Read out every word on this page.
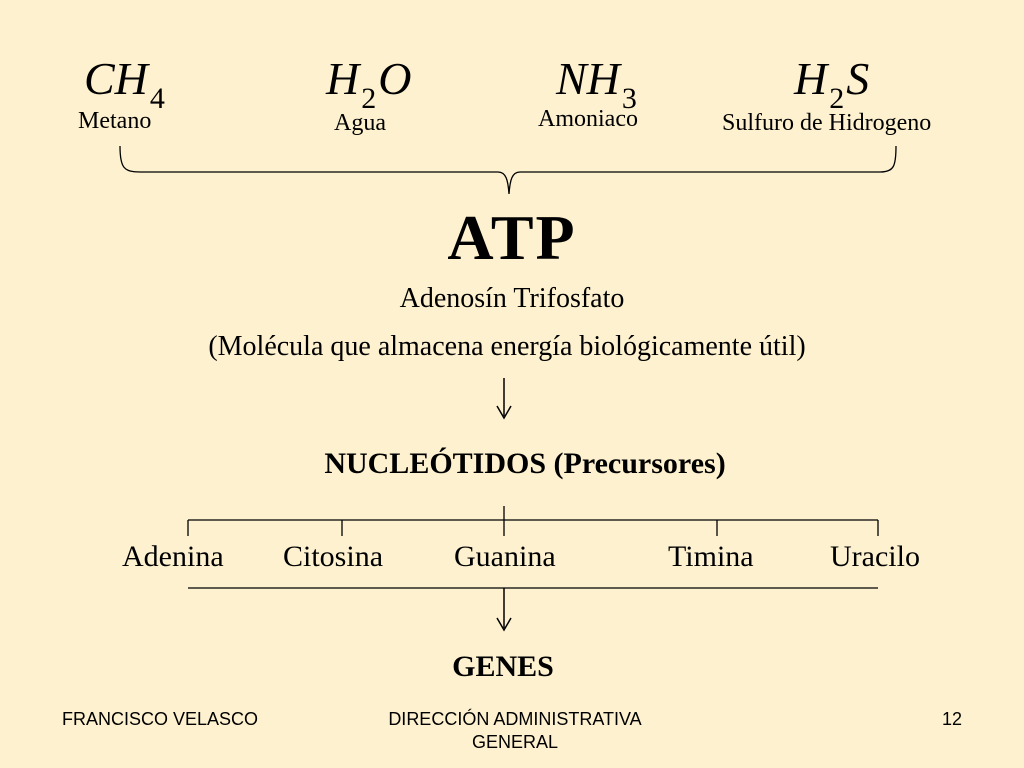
$CH_4$
Metano
$H_2O$
Agua
$NH_3$
Amoniaco
$H_2S$
Sulfuro de Hidrogeno
ATP
Adenosín Trifosfato
(Molécula que almacena energía biológicamente útil)
NUCLEÓTIDOS (Precursores)
Adenina Citosina Guanina	Timina	Uracilo
GENES
FRANCISCO VELASCO	DIRECCIÓN ADMINISTRATIVA
GENERAL
12
